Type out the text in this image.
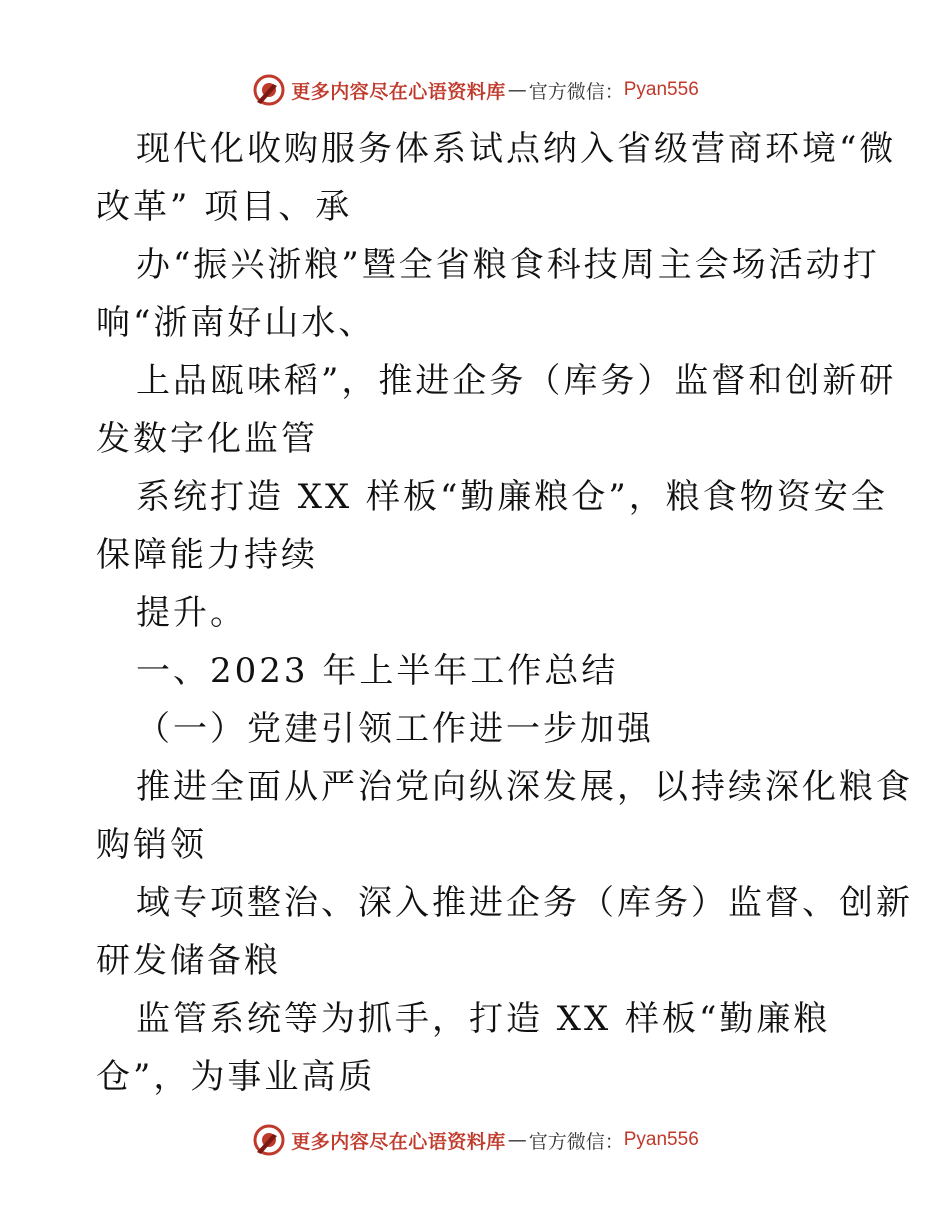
更多内容尽在心语资料库 — 官方微信： Pyan556
现代化收购服务体系试点纳入省级营商环境“微
改革” 项目、承
办“振兴浙粮”暨全省粮食科技周主会场活动打
响“浙南好山水、
上品瓯味稻”，推进企务（库务）监督和创新研
发数字化监管
系统打造 XX 样板“勤廉粮仓”，粮食物资安全
保障能力持续
提升。
一、2023 年上半年工作总结
（一）党建引领工作进一步加强
推进全面从严治党向纵深发展，以持续深化粮食
购销领
域专项整治、深入推进企务（库务）监督、创新
研发储备粮
监管系统等为抓手，打造 XX 样板“勤廉粮
仓”，为事业高质
更多内容尽在心语资料库 — 官方微信： Pyan556
